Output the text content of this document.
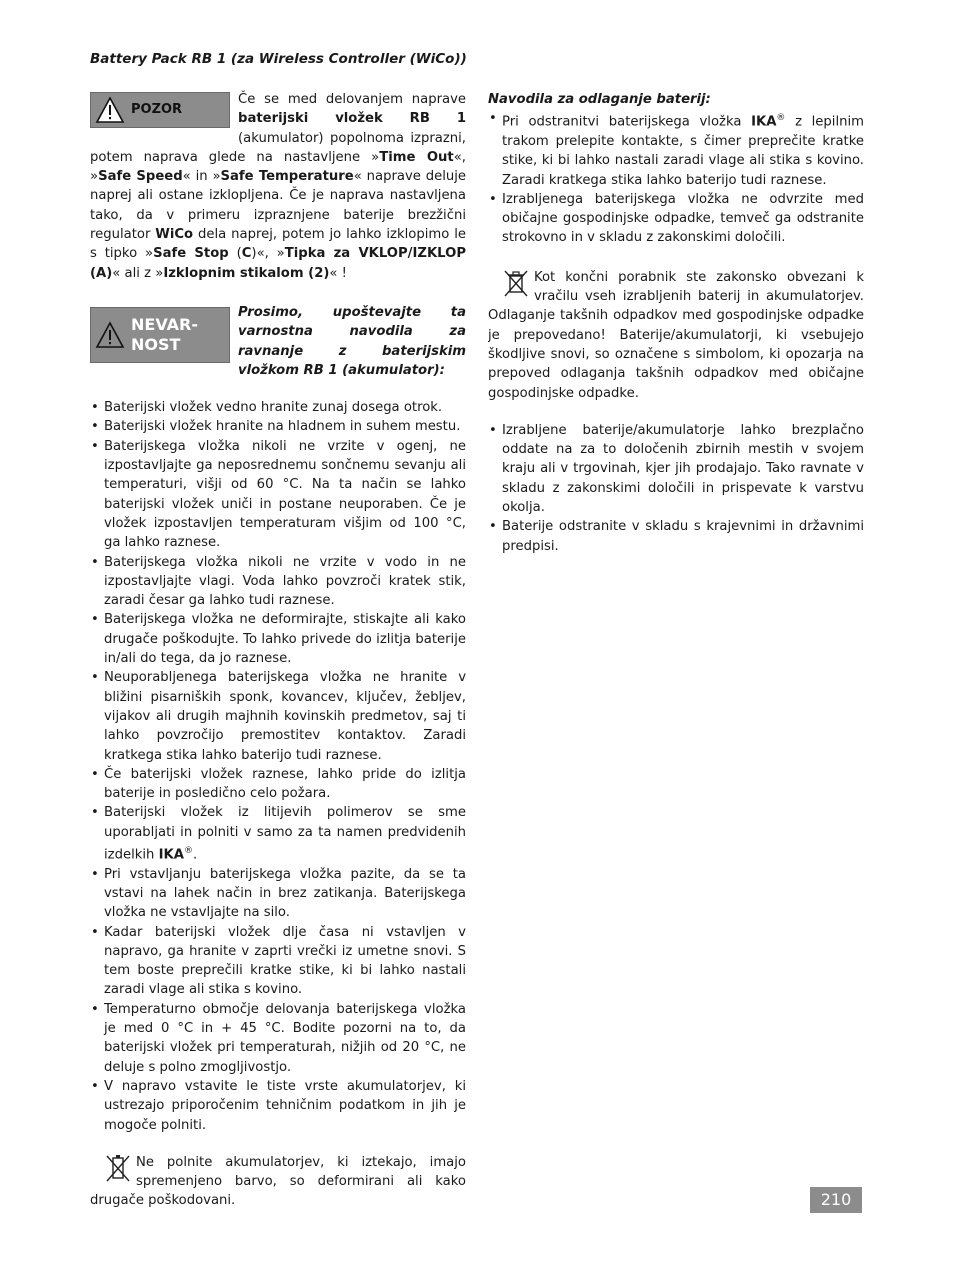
Battery Pack RB 1 (za Wireless Controller (WiCo))
POZOR

Če se med delovanjem naprave baterijski vložek RB 1 (akumulator) popolnoma izprazni, potem naprava glede na nastavljene »Time Out«, »Safe Speed« in »Safe Temperature« naprave deluje naprej ali ostane izklopljena. Če je naprava nastavljena tako, da v primeru izpraznjene baterije brezžični regulator WiCo dela naprej, potem jo lahko izklopimo le s tipko »Safe Stop (C)«, »Tipka za VKLOP/IZKLOP (A)« ali z »Izklopnim stikalom (2)« !

NEVAR-
NOST

Prosimo, upoštevajte ta varnostna navodila za ravnanje z baterijskim vložkom RB 1 (akumulator):

• Baterijski vložek vedno hranite zunaj dosega otrok.
• Baterijski vložek hranite na hladnem in suhem mestu.
• Baterijskega vložka nikoli ne vrzite v ogenj, ne izpostavljajte ga neposrednemu sončnemu sevanju ali temperaturi, višji od 60 °C. Na ta način se lahko baterijski vložek uniči in postane neuporaben. Če je vložek izpostavljen temperaturam višjim od 100 °C, ga lahko raznese.
• Baterijskega vložka nikoli ne vrzite v vodo in ne izpostavljajte vlagi. Voda lahko povzroči kratek stik, zaradi česar ga lahko tudi raznese.
• Baterijskega vložka ne deformirajte, stiskajte ali kako drugače poškodujte. To lahko privede do izlitja baterije in/ali do tega, da jo raznese.
• Neuporabljenega baterijskega vložka ne hranite v bližini pisarniških sponk, kovancev, ključev, žebljev, vijakov ali drugih majhnih kovinskih predmetov, saj ti lahko povzročijo premostitev kontaktov. Zaradi kratkega stika lahko baterijo tudi raznese.
• Če baterijski vložek raznese, lahko pride do izlitja baterije in posledično celo požara.
• Baterijski vložek iz litijevih polimerov se sme uporabljati in polniti v samo za ta namen predvidenih izdelkih IKA®.
• Pri vstavljanju baterijskega vložka pazite, da se ta vstavi na lahek način in brez zatikanja. Baterijskega vložka ne vstavljajte na silo.
• Kadar baterijski vložek dlje časa ni vstavljen v napravo, ga hranite v zaprti vrečki iz umetne snovi. S tem boste preprečili kratke stike, ki bi lahko nastali zaradi vlage ali stika s kovino.
• Temperaturno območje delovanja baterijskega vložka je med 0 °C in + 45 °C. Bodite pozorni na to, da baterijski vložek pri temperaturah, nižjih od 20 °C, ne deluje s polno zmogljivostjo.
• V napravo vstavite le tiste vrste akumulatorjev, ki ustrezajo priporočenim tehničnim podatkom in jih je mogoče polniti.

Ne polnite akumulatorjev, ki iztekajo, imajo spremenjeno barvo, so deformirani ali kako drugače poškodovani.

Navodila za odlaganje baterij:

• Pri odstranitvi baterijskega vložka IKA® z lepilnim trakom prelepite kontakte, s čimer preprečite kratke stike, ki bi lahko nastali zaradi vlage ali stika s kovino. Zaradi kratkega stika lahko baterijo tudi raznese.
• Izrabljenega baterijskega vložka ne odvrzite med običajne gospodinjske odpadke, temveč ga odstranite strokovno in v skladu z zakonskimi določili.

Kot končni porabnik ste zakonsko obvezani k vračilu vseh izrabljenih baterij in akumulatorjev. Odlaganje takšnih odpadkov med gospodinjske odpadke je prepovedano! Baterije/akumulatorji, ki vsebujejo škodljive snovi, so označene s simbolom, ki opozarja na prepoved odlaganja takšnih odpadkov med običajne gospodinjske odpadke.

• Izrabljene baterije/akumulatorje lahko brezplačno oddate na za to določenih zbirnih mestih v svojem kraju ali v trgovinah, kjer jih prodajajo. Tako ravnate v skladu z zakonskimi določili in prispevate k varstvu okolja.
• Baterije odstranite v skladu s krajevnimi in državnimi predpisi.
210
